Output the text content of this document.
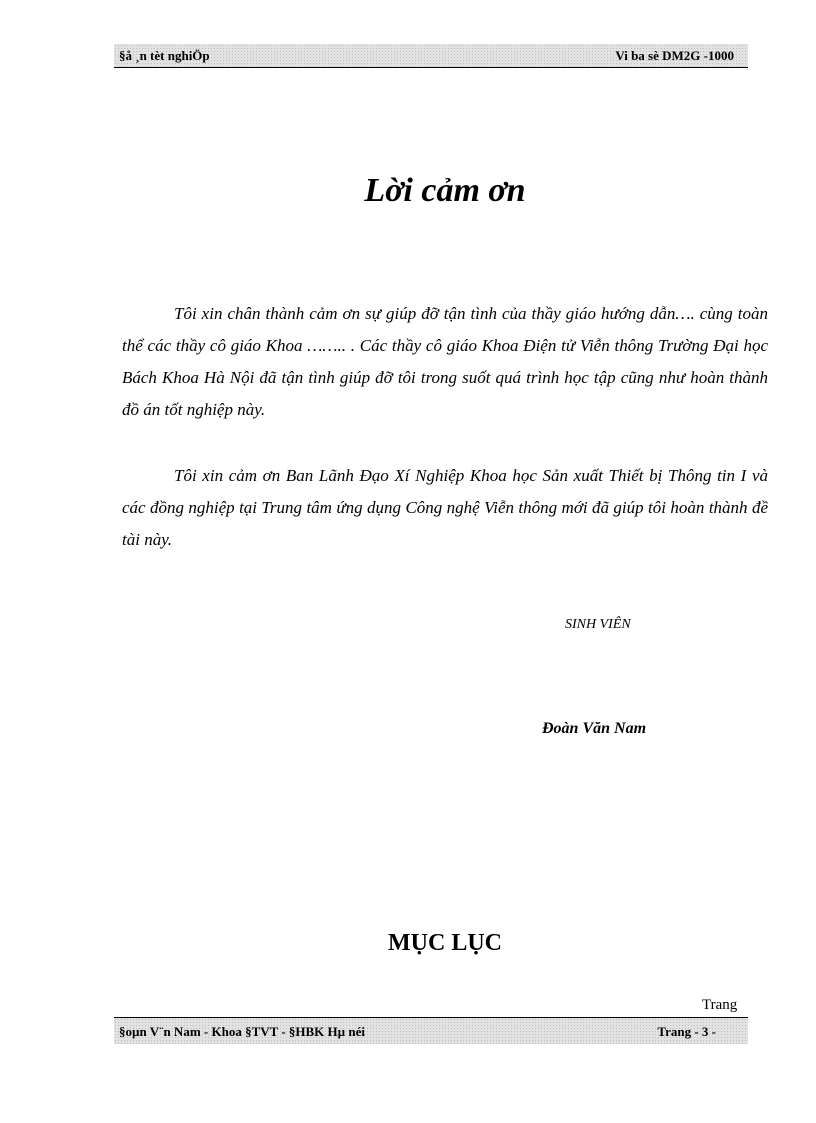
§å ¸n tèt nghiÖp	Vi ba sè DM2G -1000
Lời cảm ơn

Tôi xin chân thành cảm ơn sự giúp đỡ tận tình của thầy giáo hướng dẫn…. cùng toàn thể các thầy cô giáo Khoa …….. . Các thầy cô giáo Khoa Điện tử Viễn thông Trường Đại học Bách Khoa Hà Nội đã tận tình giúp đỡ tôi trong suốt quá trình học tập cũng như hoàn thành đồ án tốt nghiệp này.

Tôi xin cảm ơn Ban Lãnh Đạo Xí Nghiệp Khoa học Sản xuất Thiết bị Thông tin I và các đồng nghiệp tại Trung tâm ứng dụng Công nghệ Viễn thông mới đã giúp tôi hoàn thành đề tài này.

SINH VIÊN
Đoàn Văn Nam
MỤC LỤC
Trang
§oµn V¨n Nam - Khoa §TVT - §HBK Hµ néi	Trang - 3 -
